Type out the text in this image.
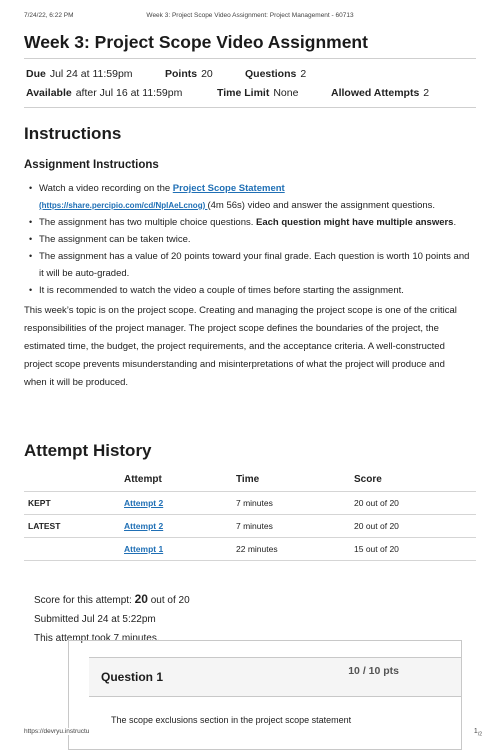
7/24/22, 6:22 PM	Week 3: Project Scope Video Assignment: Project Management - 60713
Week 3: Project Scope Video Assignment
Due Jul 24 at 11:59pm	Points 20	Questions 2
Available after Jul 16 at 11:59pm	Time Limit None	Allowed Attempts 2
Instructions
Assignment Instructions
• Watch a video recording on the Project Scope Statement
(https://share.percipio.com/cd/NplAeLcnog) (4m 56s) video and answer the assignment questions.
• The assignment has two multiple choice questions. Each question might have multiple answers.
• The assignment can be taken twice.
• The assignment has a value of 20 points toward your final grade. Each question is worth 10 points and it will be auto-graded.
• It is recommended to watch the video a couple of times before starting the assignment.
This week’s topic is on the project scope. Creating and managing the project scope is one of the critical responsibilities of the project manager. The project scope defines the boundaries of the project, the estimated time, the budget, the project requirements, and the acceptance criteria. A well-constructed project scope prevents misunderstanding and misinterpretations of what the project will produce and
when it will be produced.
Attempt History
	Attempt	Time	Score
KEPT	Attempt 2	7 minutes	20 out of 20
LATEST	Attempt 2	7 minutes	20 out of 20
	Attempt 1	22 minutes	15 out of 20
Score for this attempt: 20 out of 20 Submitted Jul 24 at 5:22pm
This attempt took 7 minutes.
Question 1	10 / 10 pts
The scope exclusions section in the project scope statement
https://devryu.instructu	$1_{/2}$
